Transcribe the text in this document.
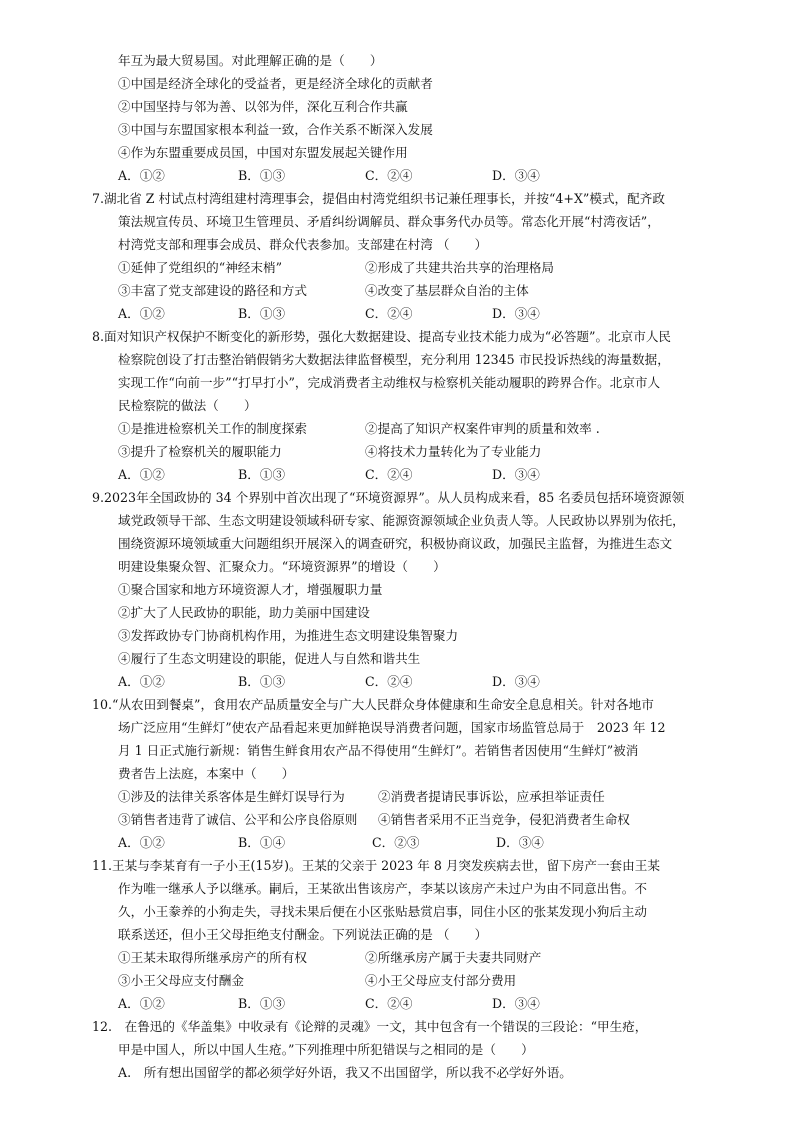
年互为最大贸易国。对此理解正确的是（　　）
①中国是经济全球化的受益者，更是经济全球化的贡献者
②中国坚持与邻为善、以邻为伴，深化互利合作共赢
③中国与东盟国家根本利益一致，合作关系不断深入发展
④作为东盟重要成员国，中国对东盟发展起关键作用
A．①②	B．①③	C．②④	D．③④
7.湖北省 Z 村试点村湾组建村湾理事会，提倡由村湾党组织书记兼任理事长，并按“4+X”模式，配齐政
策法规宣传员、环境卫生管理员、矛盾纠纷调解员、群众事务代办员等。常态化开展“村湾夜话”，
村湾党支部和理事会成员、群众代表参加。支部建在村湾 （　　）
①延伸了党组织的“神经末梢”	②形成了共建共治共享的治理格局
③丰富了党支部建设的路径和方式	④改变了基层群众自治的主体
A．①②	B．①③	C．②④	D．③④
8.面对知识产权保护不断变化的新形势，强化大数据建设、提高专业技术能力成为“必答题”。北京市人民
检察院创设了打击整治销假销劣大数据法律监督模型，充分利用 12345 市民投诉热线的海量数据，
实现工作“向前一步”“打早打小”，完成消费者主动维权与检察机关能动履职的跨界合作。北京市人
民检察院的做法（　　）
①是推进检察机关工作的制度探索	②提高了知识产权案件审判的质量和效率 .
③提升了检察机关的履职能力	④将技术力量转化为了专业能力
A．①②	B．①③	C．②④	D．③④
9.2023年全国政协的 34 个界别中首次出现了“环境资源界”。从人员构成来看，85 名委员包括环境资源领
域党政领导干部、生态文明建设领域科研专家、能源资源领域企业负责人等。人民政协以界别为依托，
围绕资源环境领域重大问题组织开展深入的调查研究，积极协商议政，加强民主监督，为推进生态文
明建设集聚众智、汇聚众力。“环境资源界”的增设（　　）
①聚合国家和地方环境资源人才，增强履职力量
②扩大了人民政协的职能，助力美丽中国建设
③发挥政协专门协商机构作用，为推进生态文明建设集智聚力
④履行了生态文明建设的职能，促进人与自然和谐共生
A．①②	B．①③	C．②④	D．③④
10.“从农田到餐桌”，食用农产品质量安全与广大人民群众身体健康和生命安全息息相关。针对各地市
场广泛应用“生鲜灯”使农产品看起来更加鲜艳误导消费者问题，国家市场监管总局于　2023 年 12
月 1 日正式施行新规：销售生鲜食用农产品不得使用“生鲜灯”。若销售者因使用“生鲜灯”被消
费者告上法庭，本案中（　　）
①涉及的法律关系客体是生鲜灯误导行为	②消费者提请民事诉讼，应承担举证责任
③销售者违背了诚信、公平和公序良俗原则 ④销售者采用不正当竞争，侵犯消费者生命权
A．①②	B．①④	C．②③	D．③④
11.王某与李某育有一子小王(15岁)。王某的父亲于 2023 年 8 月突发疾病去世，留下房产一套由王某
作为唯一继承人予以继承。嗣后，王某欲出售该房产，李某以该房产未过户为由不同意出售。不
久，小王豢养的小狗走失，寻找未果后便在小区张贴悬赏启事，同住小区的张某发现小狗后主动
联系送还，但小王父母拒绝支付酬金。下列说法正确的是 （　　）
①王某未取得所继承房产的所有权	②所继承房产属于夫妻共同财产
③小王父母应支付酬金	④小王父母应支付部分费用
A．①②	B．①③	C．②④	D．③④
12.　在鲁迅的《华盖集》中收录有《论辩的灵魂》一文，其中包含有一个错误的三段论：“甲生疮，
甲是中国人，所以中国人生疮。”下列推理中所犯错误与之相同的是（　　）
A.　所有想出国留学的都必须学好外语，我又不出国留学，所以我不必学好外语。
